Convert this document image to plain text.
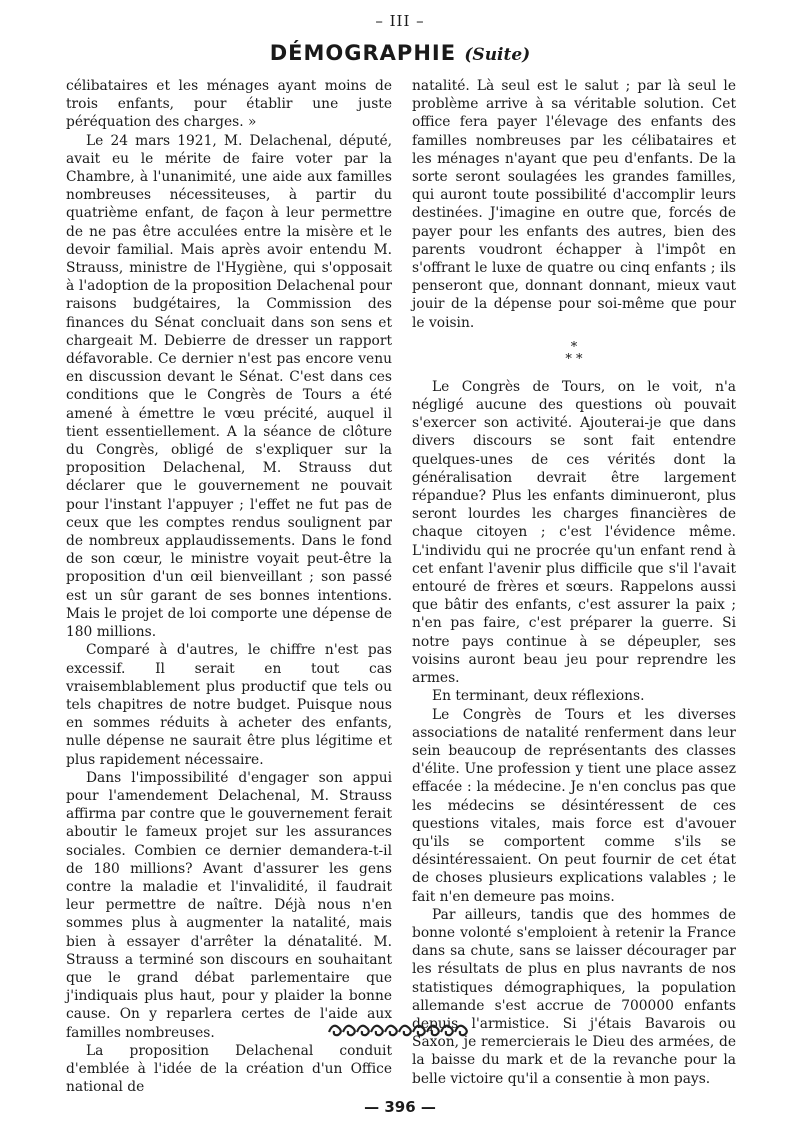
– III –
DÉMOGRAPHIE (Suite)

célibataires et les ménages ayant moins de trois enfants, pour établir une juste péréquation des charges. »

Le 24 mars 1921, M. Delachenal, député, avait eu le mérite de faire voter par la Chambre, à l'unanimité, une aide aux familles nombreuses nécessiteuses, à partir du quatrième enfant, de façon à leur permettre de ne pas être acculées entre la misère et le devoir familial. Mais après avoir entendu M. Strauss, ministre de l'Hygiène, qui s'opposait à l'adoption de la proposition Delachenal pour raisons budgétaires, la Commission des finances du Sénat concluait dans son sens et chargeait M. Debierre de dresser un rapport défavorable. Ce dernier n'est pas encore venu en discussion devant le Sénat. C'est dans ces conditions que le Congrès de Tours a été amené à émettre le vœu précité, auquel il tient essentiellement. A la séance de clôture du Congrès, obligé de s'expliquer sur la proposition Delachenal, M. Strauss dut déclarer que le gouvernement ne pouvait pour l'instant l'appuyer ; l'effet ne fut pas de ceux que les comptes rendus soulignent par de nombreux applaudissements. Dans le fond de son cœur, le ministre voyait peut-être la proposition d'un œil bienveillant ; son passé est un sûr garant de ses bonnes intentions. Mais le projet de loi comporte une dépense de 180 millions.

Comparé à d'autres, le chiffre n'est pas excessif. Il serait en tout cas vraisemblablement plus productif que tels ou tels chapitres de notre budget. Puisque nous en sommes réduits à acheter des enfants, nulle dépense ne saurait être plus légitime et plus rapidement nécessaire.

Dans l'impossibilité d'engager son appui pour l'amendement Delachenal, M. Strauss affirma par contre que le gouvernement ferait aboutir le fameux projet sur les assurances sociales. Combien ce dernier demandera-t-il de 180 millions? Avant d'assurer les gens contre la maladie et l'invalidité, il faudrait leur permettre de naître. Déjà nous n'en sommes plus à augmenter la natalité, mais bien à essayer d'arrêter la dénatalité. M. Strauss a terminé son discours en souhaitant que le grand débat parlementaire que j'indiquais plus haut, pour y plaider la bonne cause. On y reparlera certes de l'aide aux familles nombreuses.

La proposition Delachenal conduit d'emblée à l'idée de la création d'un Office national de

natalité. Là seul est le salut ; par là seul le problème arrive à sa véritable solution. Cet office fera payer l'élevage des enfants des familles nombreuses par les célibataires et les ménages n'ayant que peu d'enfants. De la sorte seront soulagées les grandes familles, qui auront toute possibilité d'accomplir leurs destinées. J'imagine en outre que, forcés de payer pour les enfants des autres, bien des parents voudront échapper à l'impôt en s'offrant le luxe de quatre ou cinq enfants ; ils penseront que, donnant donnant, mieux vaut jouir de la dépense pour soi-même que pour le voisin.

*
* *

Le Congrès de Tours, on le voit, n'a négligé aucune des questions où pouvait s'exercer son activité. Ajouterai-je que dans divers discours se sont fait entendre quelques-unes de ces vérités dont la généralisation devrait être largement répandue? Plus les enfants diminueront, plus seront lourdes les charges financières de chaque citoyen ; c'est l'évidence même. L'individu qui ne procrée qu'un enfant rend à cet enfant l'avenir plus difficile que s'il l'avait entouré de frères et sœurs. Rappelons aussi que bâtir des enfants, c'est assurer la paix ; n'en pas faire, c'est préparer la guerre. Si notre pays continue à se dépeupler, ses voisins auront beau jeu pour reprendre les armes.

En terminant, deux réflexions.

Le Congrès de Tours et les diverses associations de natalité renferment dans leur sein beaucoup de représentants des classes d'élite. Une profession y tient une place assez effacée : la médecine. Je n'en conclus pas que les médecins se désintéressent de ces questions vitales, mais force est d'avouer qu'ils se comportent comme s'ils se désintéressaient. On peut fournir de cet état de choses plusieurs explications valables ; le fait n'en demeure pas moins.

Par ailleurs, tandis que des hommes de bonne volonté s'emploient à retenir la France dans sa chute, sans se laisser décourager par les résultats de plus en plus navrants de nos statistiques démographiques, la population allemande s'est accrue de 700000 enfants depuis l'armistice. Si j'étais Bavarois ou Saxon, je remercierais le Dieu des armées, de la baisse du mark et de la revanche pour la belle victoire qu'il a consentie à mon pays.

— 396 —
